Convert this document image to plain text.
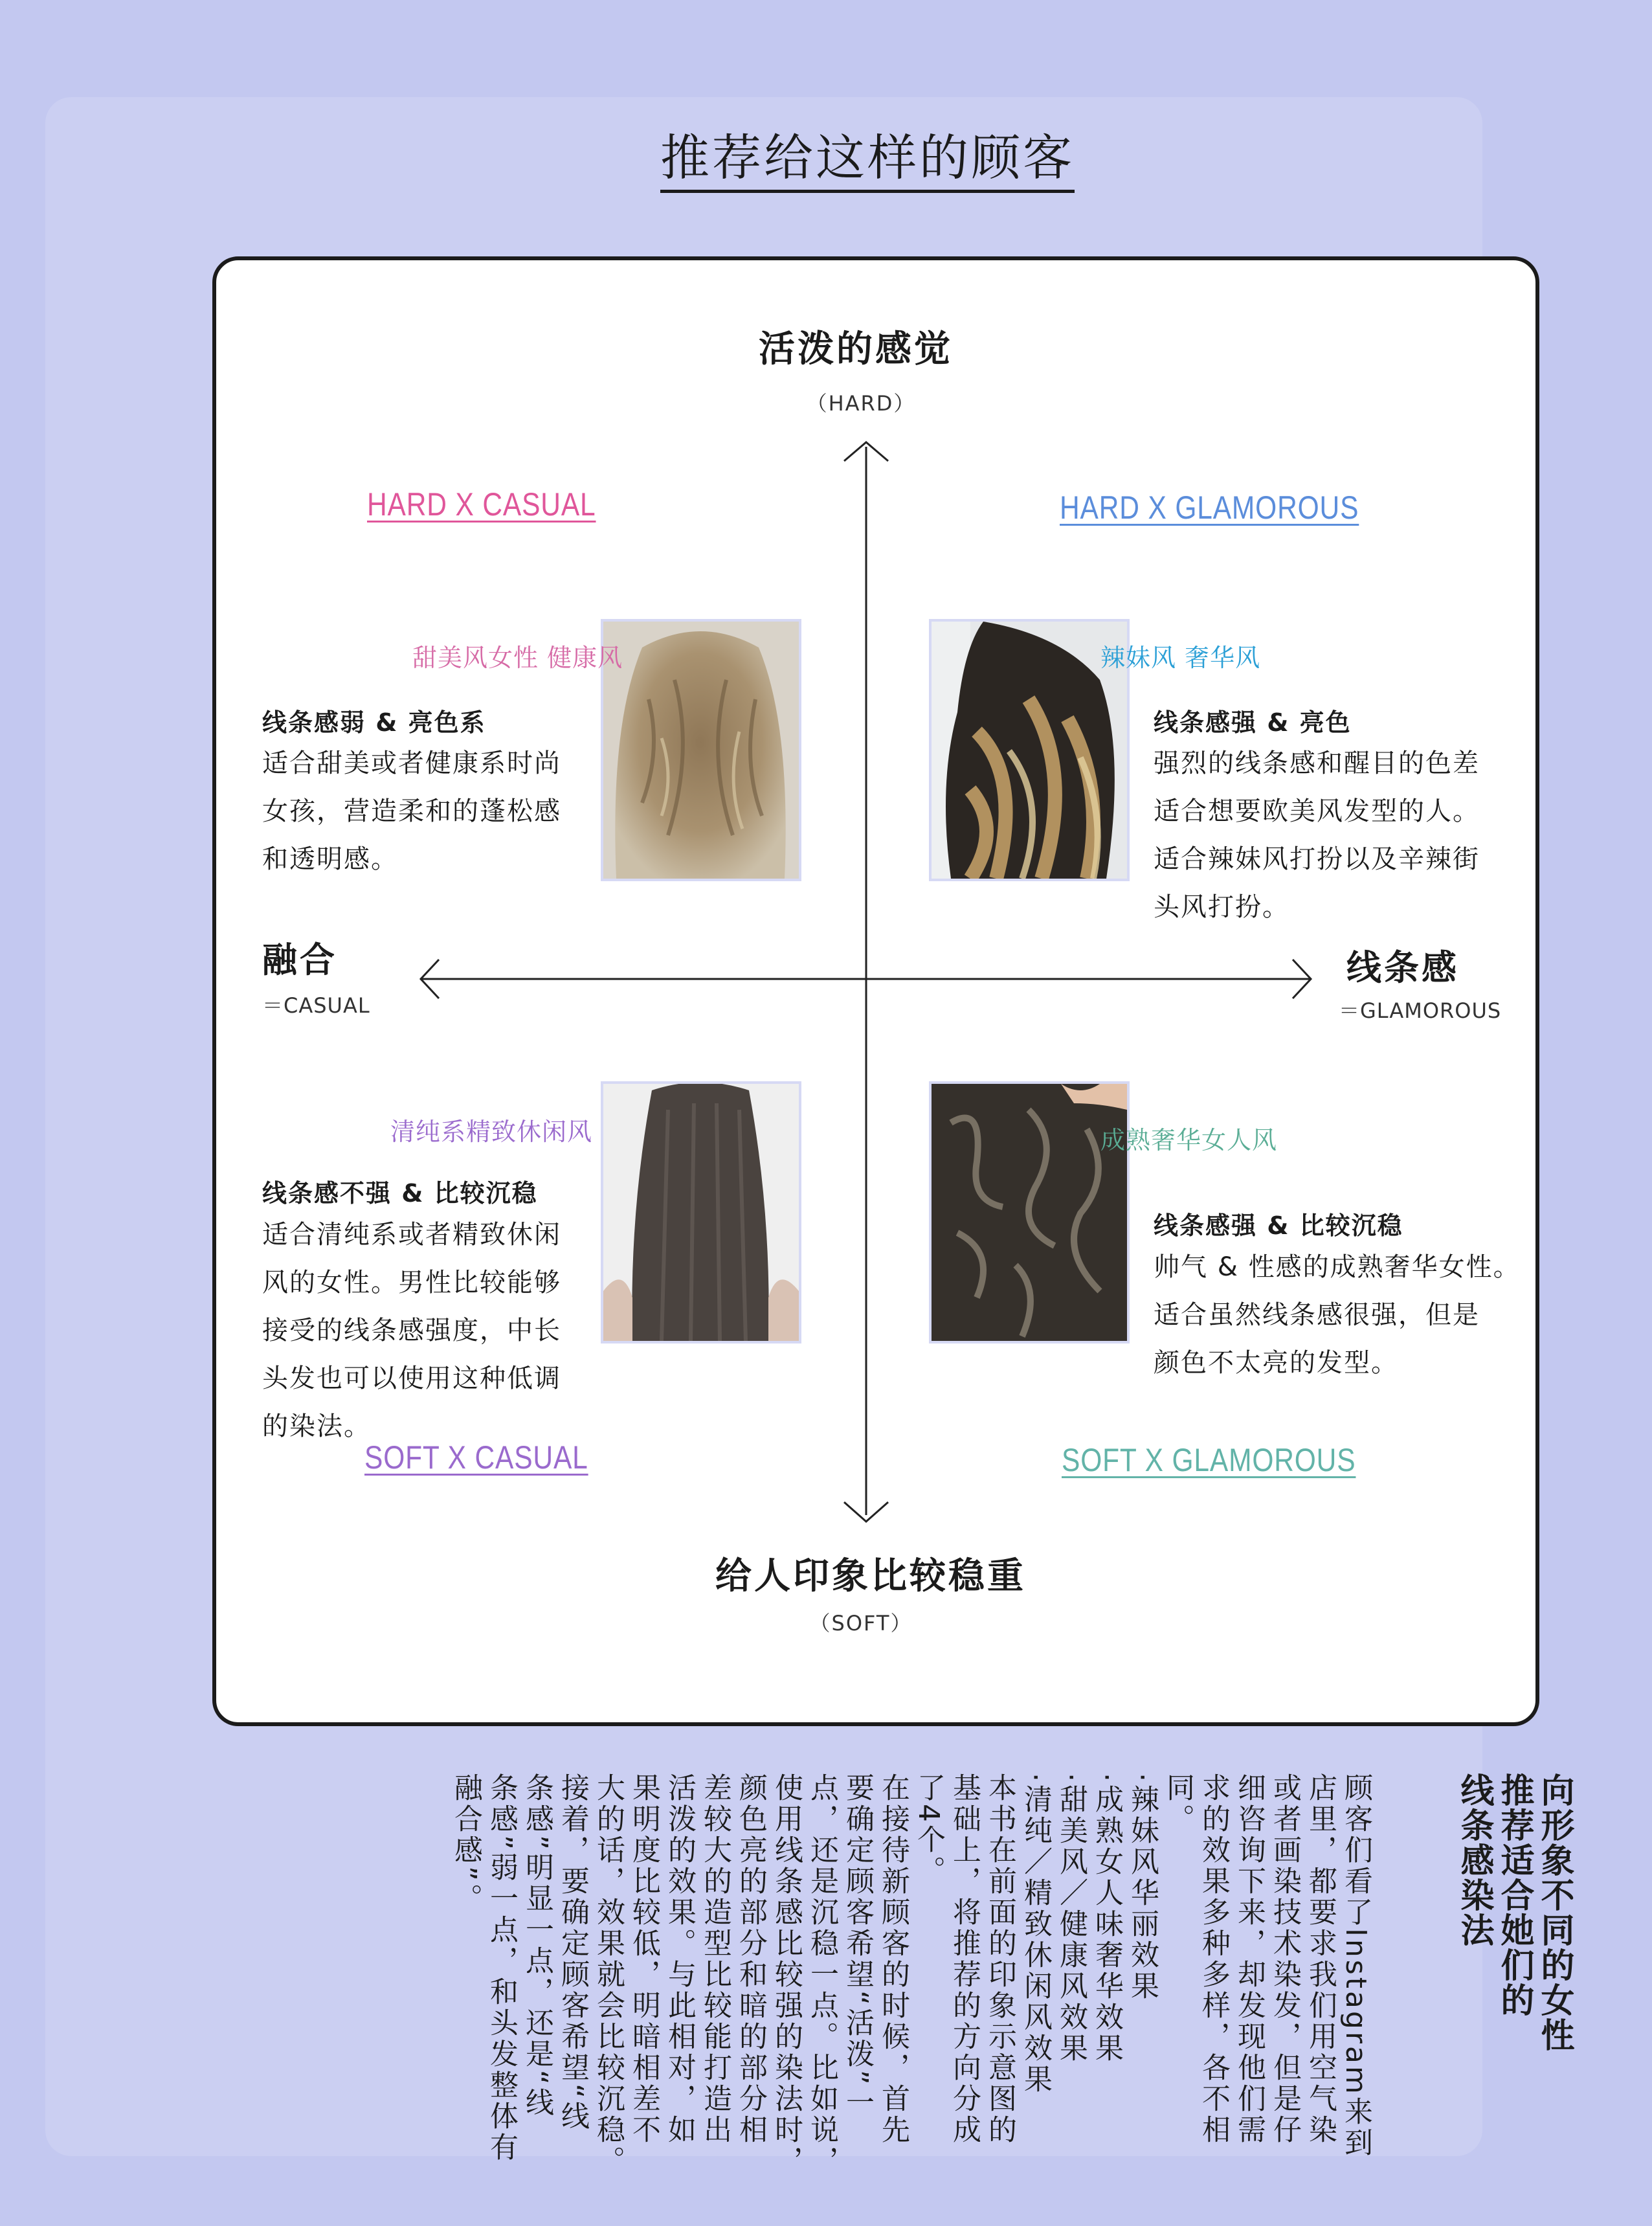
推荐给这样的顾客
活泼的感觉
（HARD）
给人印象比较稳重
（SOFT）
融合
＝CASUAL
线条感
＝GLAMOROUS
HARD X CASUAL
甜美风女性 健康风
线条感弱 & 亮色系
适合甜美或者健康系时尚
女孩，营造柔和的蓬松感
和透明感。
HARD X GLAMOROUS
辣妹风 奢华风
线条感强 & 亮色
强烈的线条感和醒目的色差
适合想要欧美风发型的人。
适合辣妹风打扮以及辛辣街
头风打扮。
清纯系精致休闲风
线条感不强 & 比较沉稳
适合清纯系或者精致休闲
风的女性。男性比较能够
接受的线条感强度，中长
头发也可以使用这种低调
的染法。
SOFT X CASUAL
成熟奢华女人风
线条感强 & 比较沉稳
帅气 & 性感的成熟奢华女性。
适合虽然线条感很强，但是
颜色不太亮的发型。
SOFT X GLAMOROUS
向形象不同的女性
推荐适合她们的
线条感染法
顾客们看了Instagram来到
店里，都要求我们用空气染
或者画染技术染发，但是仔
细咨询下来，却发现他们需
求的效果多种多样，各不相
同。
·辣妹风华丽效果
·成熟女人味奢华效果
·甜美风／健康风效果
·清纯／精致休闲风效果
本书在前面的印象示意图的
基础上，将推荐的方向分成
了4个。
在接待新顾客的时候，首先
要确定顾客希望“活泼”一
点，还是沉稳一点。比如说，
使用线条感比较强的染法时，
颜色亮的部分和暗的部分相
差较大的造型比较能打造出
活泼的效果。与此相对，如
果明度比较低，明暗相差不
大的话，效果就会比较沉稳。
接着，要确定顾客希望“线
条感”明显一点，还是“线
条感”弱一点，和头发整体有
融合感”。
